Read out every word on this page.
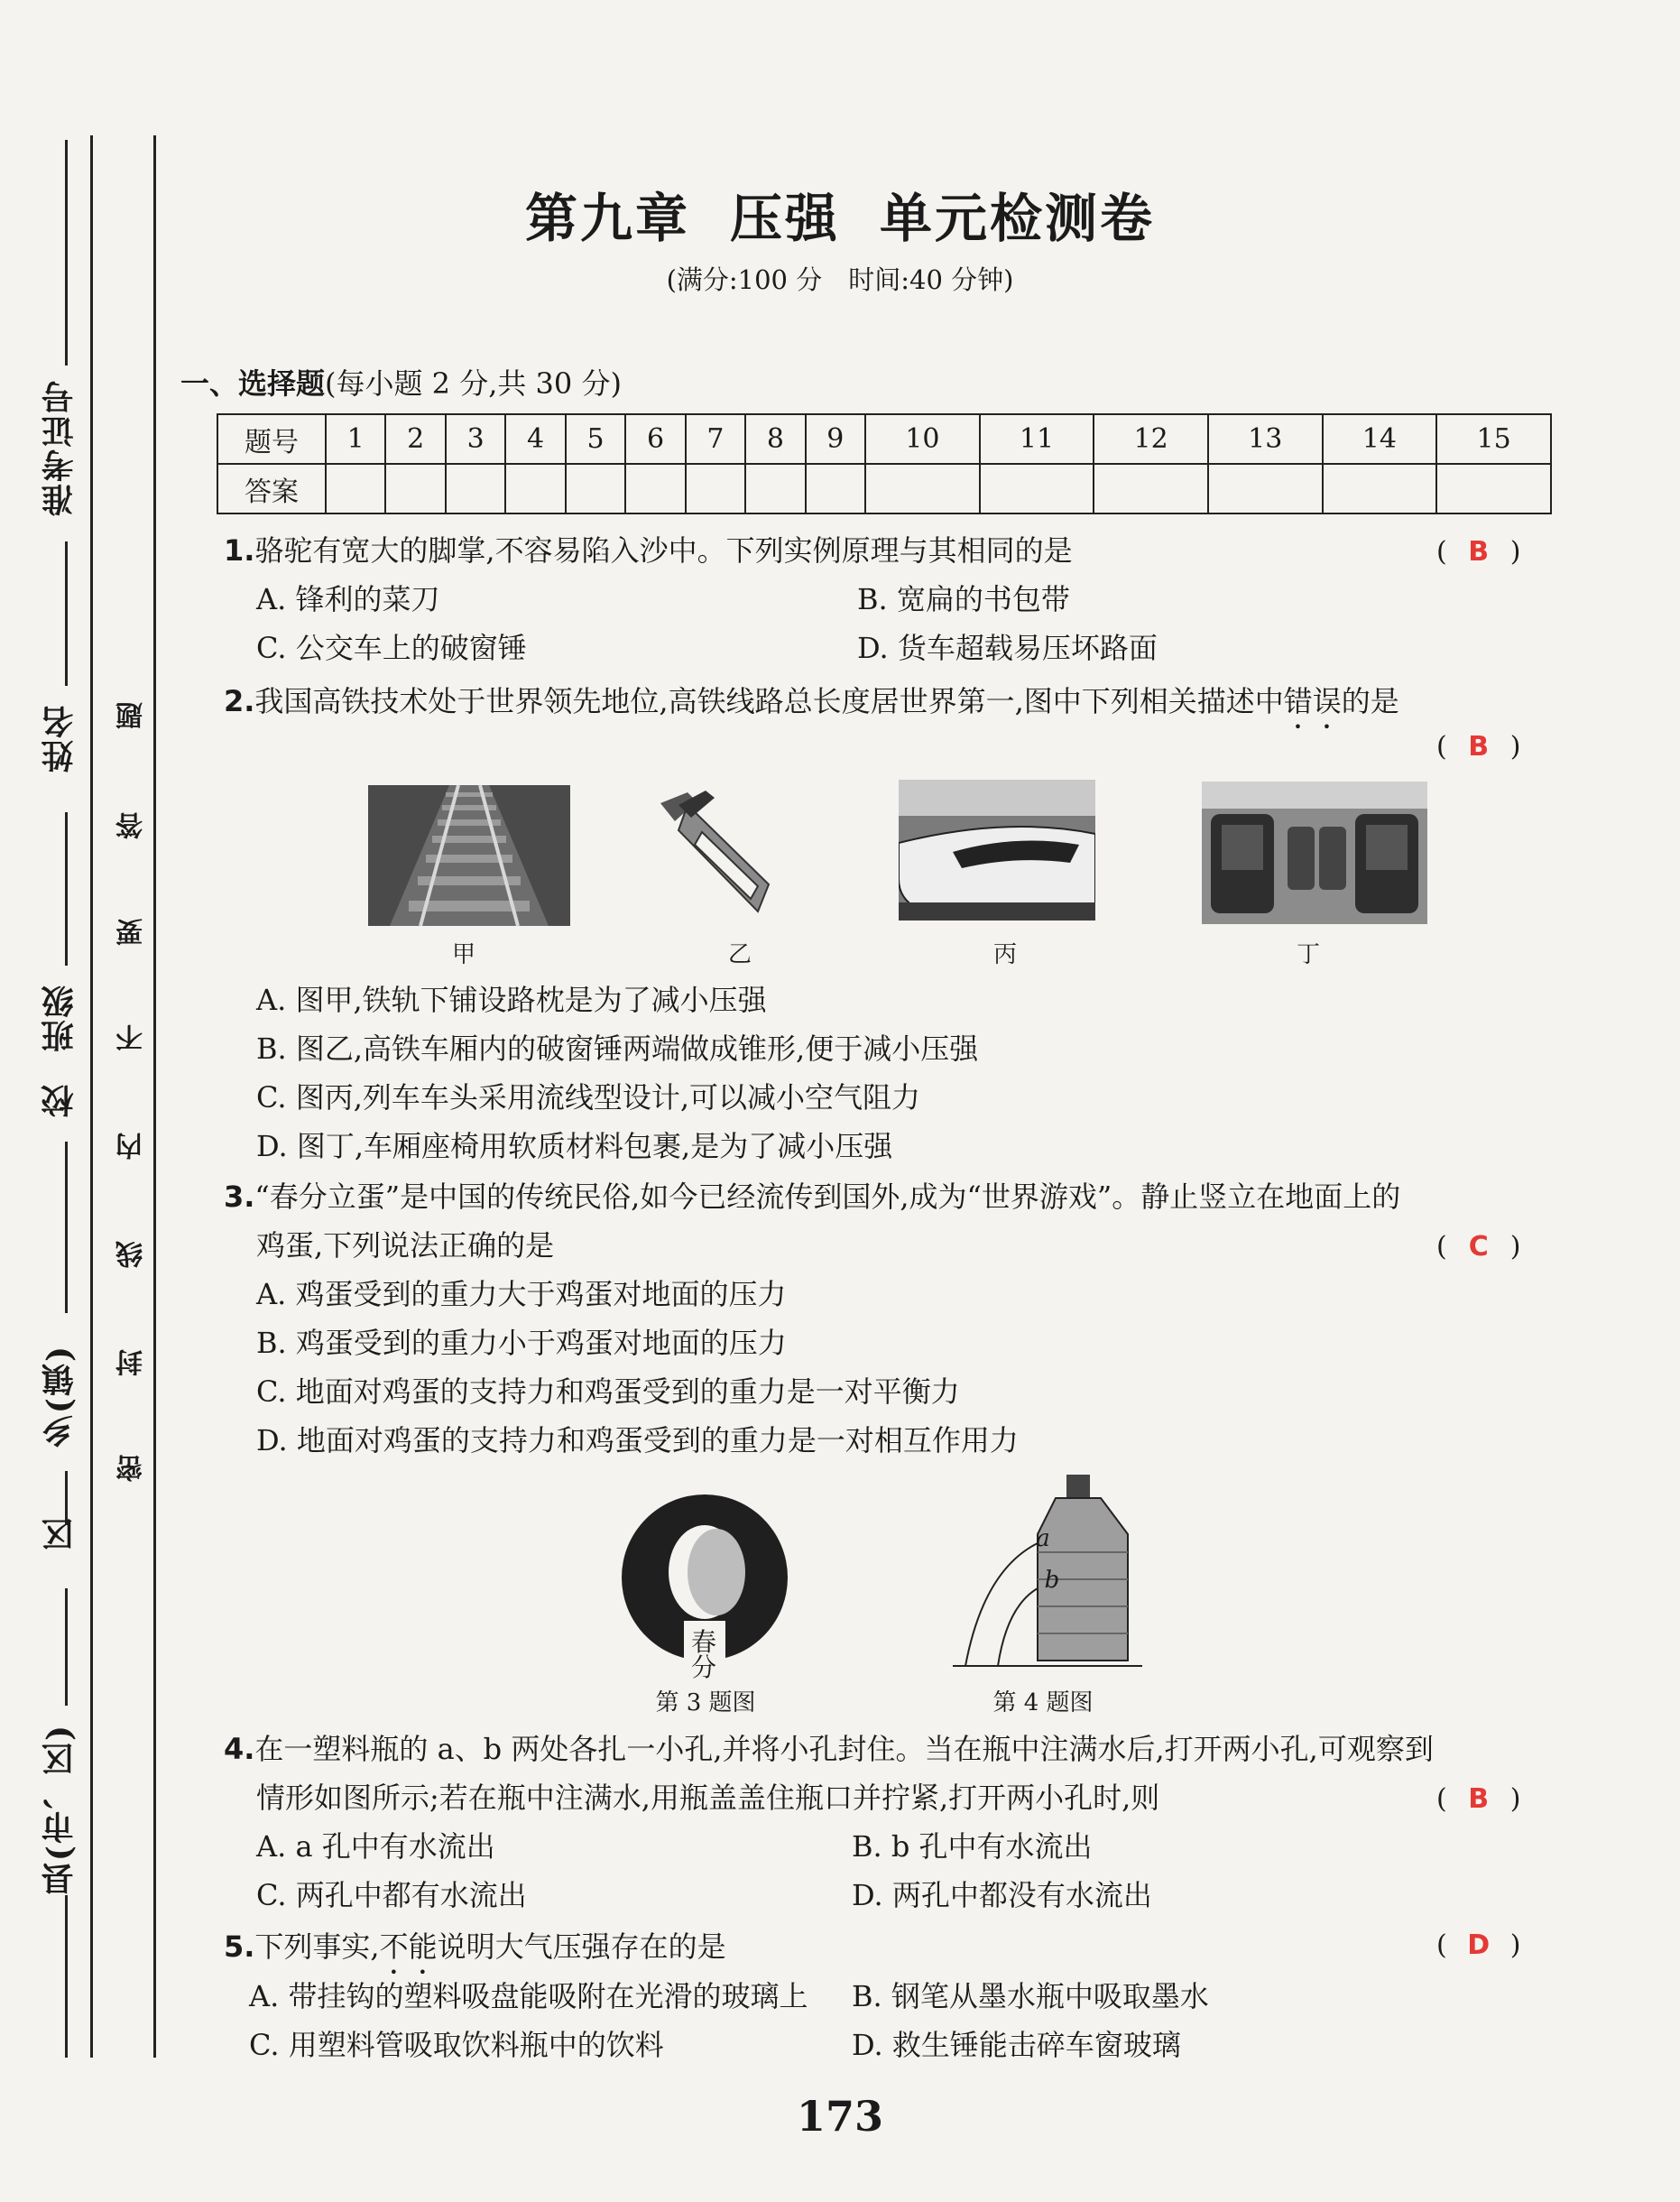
准考证号
姓名
班级
校
乡(镇)
区
县(市、区)
题
答
要
不
内
线
封
密
第九章 压强 单元检测卷
(满分:100 分　时间:40 分钟)
一、选择题(每小题 2 分,共 30 分)
题号	1	2	3	4	5	6	7	8	9	10	11	12	13	14	15
答案															
1.骆驼有宽大的脚掌,不容易陷入沙中。下列实例原理与其相同的是	( B )
A. 锋利的菜刀	B. 宽扁的书包带
C. 公交车上的破窗锤	D. 货车超载易压坏路面
2.我国高铁技术处于世界领先地位,高铁线路总长度居世界第一,图中下列相关描述中错误的是
( B )
甲	乙	丙	丁
A. 图甲,铁轨下铺设路枕是为了减小压强
B. 图乙,高铁车厢内的破窗锤两端做成锥形,便于减小压强
C. 图丙,列车车头采用流线型设计,可以减小空气阻力
D. 图丁,车厢座椅用软质材料包裹,是为了减小压强
3.“春分立蛋”是中国的传统民俗,如今已经流传到国外,成为“世界游戏”。静止竖立在地面上的
鸡蛋,下列说法正确的是	( C )
A. 鸡蛋受到的重力大于鸡蛋对地面的压力
B. 鸡蛋受到的重力小于鸡蛋对地面的压力
C. 地面对鸡蛋的支持力和鸡蛋受到的重力是一对平衡力
D. 地面对鸡蛋的支持力和鸡蛋受到的重力是一对相互作用力
春
分
第 3 题图
a
b
第 4 题图
4.在一塑料瓶的 a、b 两处各扎一小孔,并将小孔封住。当在瓶中注满水后,打开两小孔,可观察到
情形如图所示;若在瓶中注满水,用瓶盖盖住瓶口并拧紧,打开两小孔时,则	( B )
A. a 孔中有水流出	B. b 孔中有水流出
C. 两孔中都有水流出	D. 两孔中都没有水流出
5.下列事实,不能说明大气压强存在的是	( D )
A. 带挂钩的塑料吸盘能吸附在光滑的玻璃上 B. 钢笔从墨水瓶中吸取墨水
C. 用塑料管吸取饮料瓶中的饮料	D. 救生锤能击碎车窗玻璃
173
